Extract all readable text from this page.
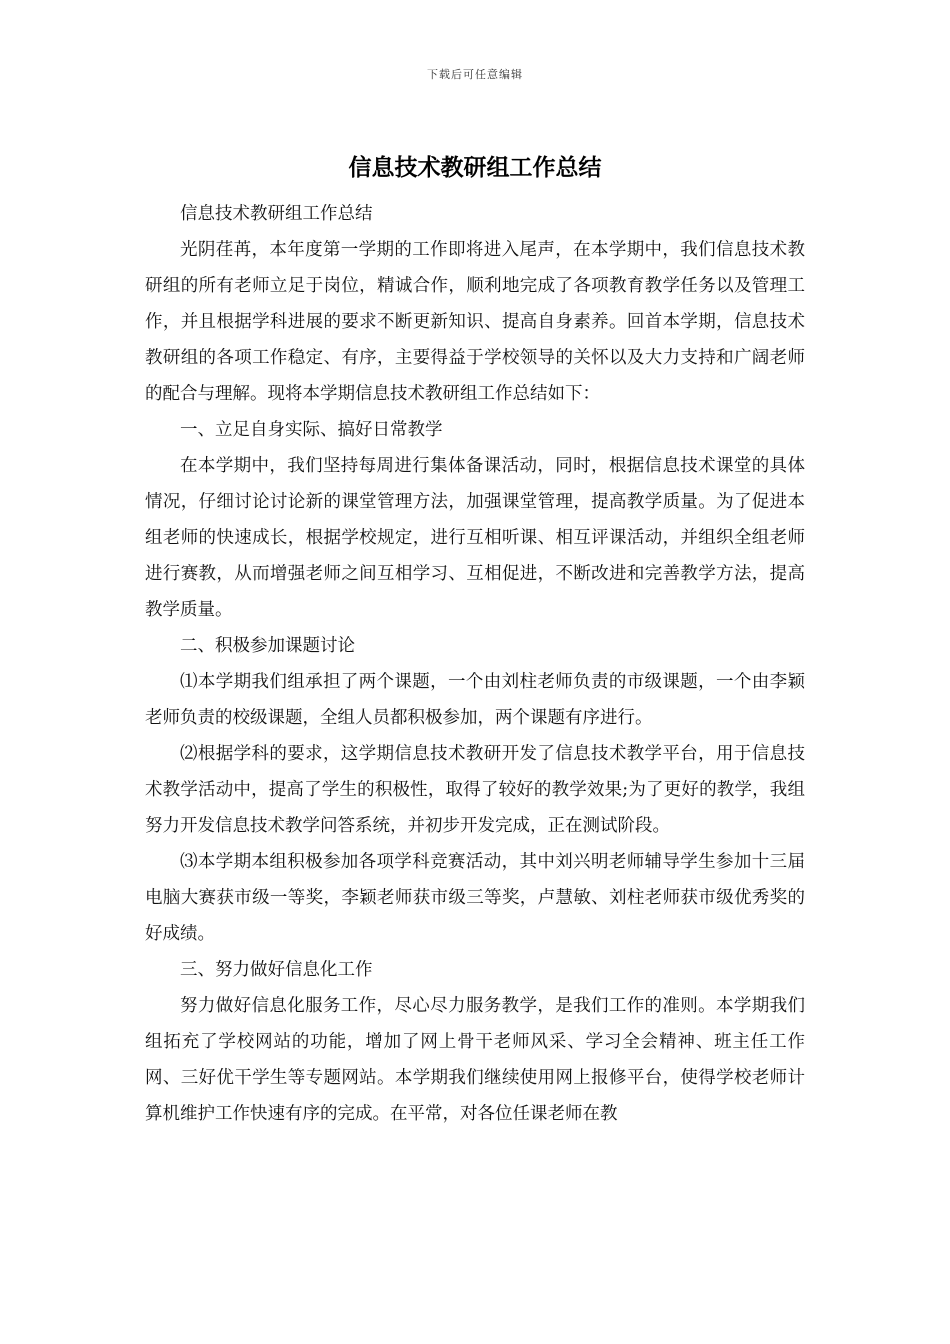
下载后可任意编辑
信息技术教研组工作总结

信息技术教研组工作总结

光阴荏苒，本年度第一学期的工作即将进入尾声，在本学期中，我们信息技术教研组的所有老师立足于岗位，精诚合作，顺利地完成了各项教育教学任务以及管理工作，并且根据学科进展的要求不断更新知识、提高自身素养。回首本学期，信息技术教研组的各项工作稳定、有序，主要得益于学校领导的关怀以及大力支持和广阔老师的配合与理解。现将本学期信息技术教研组工作总结如下：

一、立足自身实际、搞好日常教学

在本学期中，我们坚持每周进行集体备课活动，同时，根据信息技术课堂的具体情况，仔细讨论讨论新的课堂管理方法，加强课堂管理，提高教学质量。为了促进本组老师的快速成长，根据学校规定，进行互相听课、相互评课活动，并组织全组老师进行赛教，从而增强老师之间互相学习、互相促进，不断改进和完善教学方法，提高教学质量。

二、积极参加课题讨论

⑴本学期我们组承担了两个课题，一个由刘柱老师负责的市级课题，一个由李颖老师负责的校级课题，全组人员都积极参加，两个课题有序进行。

⑵根据学科的要求，这学期信息技术教研开发了信息技术教学平台，用于信息技术教学活动中，提高了学生的积极性，取得了较好的教学效果;为了更好的教学，我组努力开发信息技术教学问答系统，并初步开发完成，正在测试阶段。

⑶本学期本组积极参加各项学科竞赛活动，其中刘兴明老师辅导学生参加十三届电脑大赛获市级一等奖，李颖老师获市级三等奖，卢慧敏、刘柱老师获市级优秀奖的好成绩。

三、努力做好信息化工作

努力做好信息化服务工作，尽心尽力服务教学，是我们工作的准则。本学期我们组拓充了学校网站的功能，增加了网上骨干老师风采、学习全会精神、班主任工作网、三好优干学生等专题网站。本学期我们继续使用网上报修平台，使得学校老师计算机维护工作快速有序的完成。在平常，对各位任课老师在教
